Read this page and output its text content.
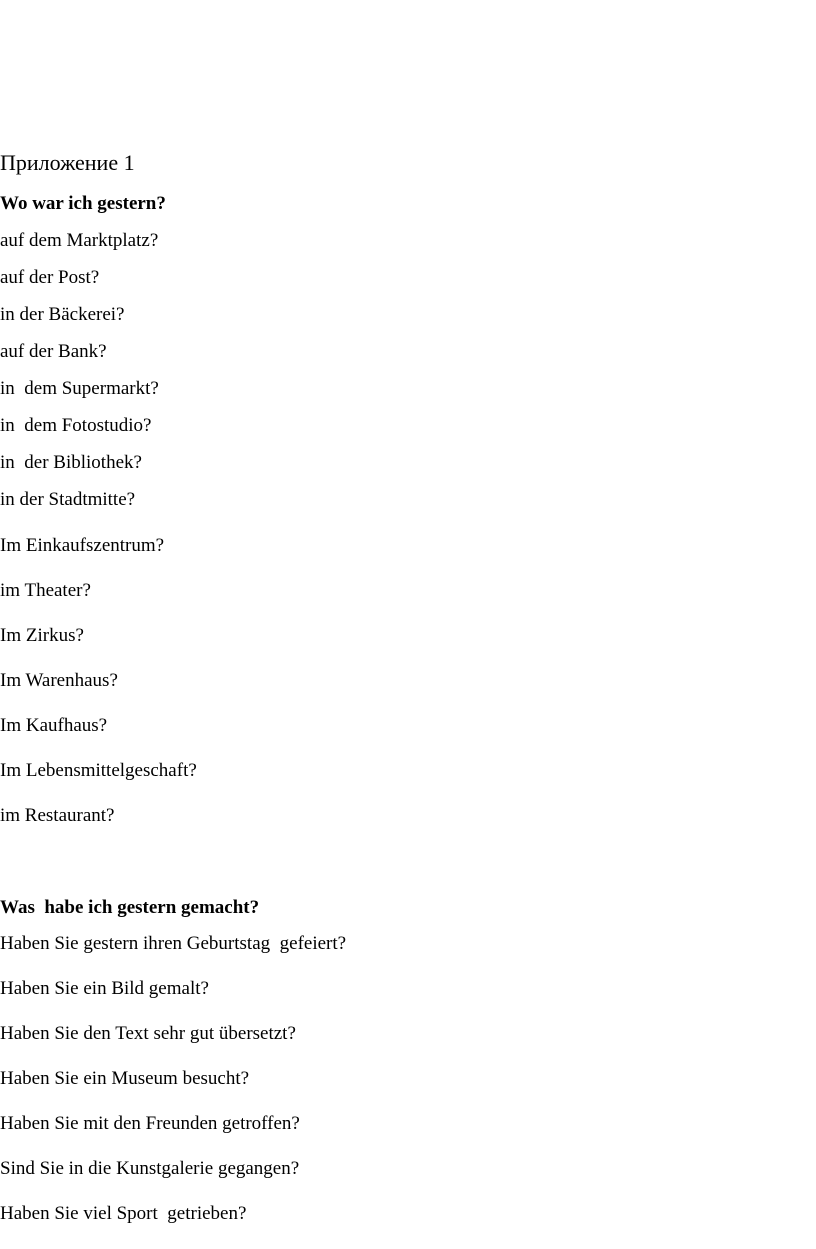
Приложение 1

Wo war ich gestern?

auf dem Marktplatz?

auf der Post?

in der Bäckerei?

auf der Bank?

in  dem Supermarkt?

in  dem Fotostudio?

in  der Bibliothek?

in der Stadtmitte?

Im Einkaufszentrum?

im Theater?

Im Zirkus?

Im Warenhaus?

Im Kaufhaus?

Im Lebensmittelgeschaft?

im Restaurant?

Was  habe ich gestern gemacht?

Haben Sie gestern ihren Geburtstag  gefeiert?

Haben Sie ein Bild gemalt?

Haben Sie den Text sehr gut übersetzt?

Haben Sie ein Museum besucht?

Haben Sie mit den Freunden getroffen?

Sind Sie in die Kunstgalerie gegangen?

Haben Sie viel Sport  getrieben?
